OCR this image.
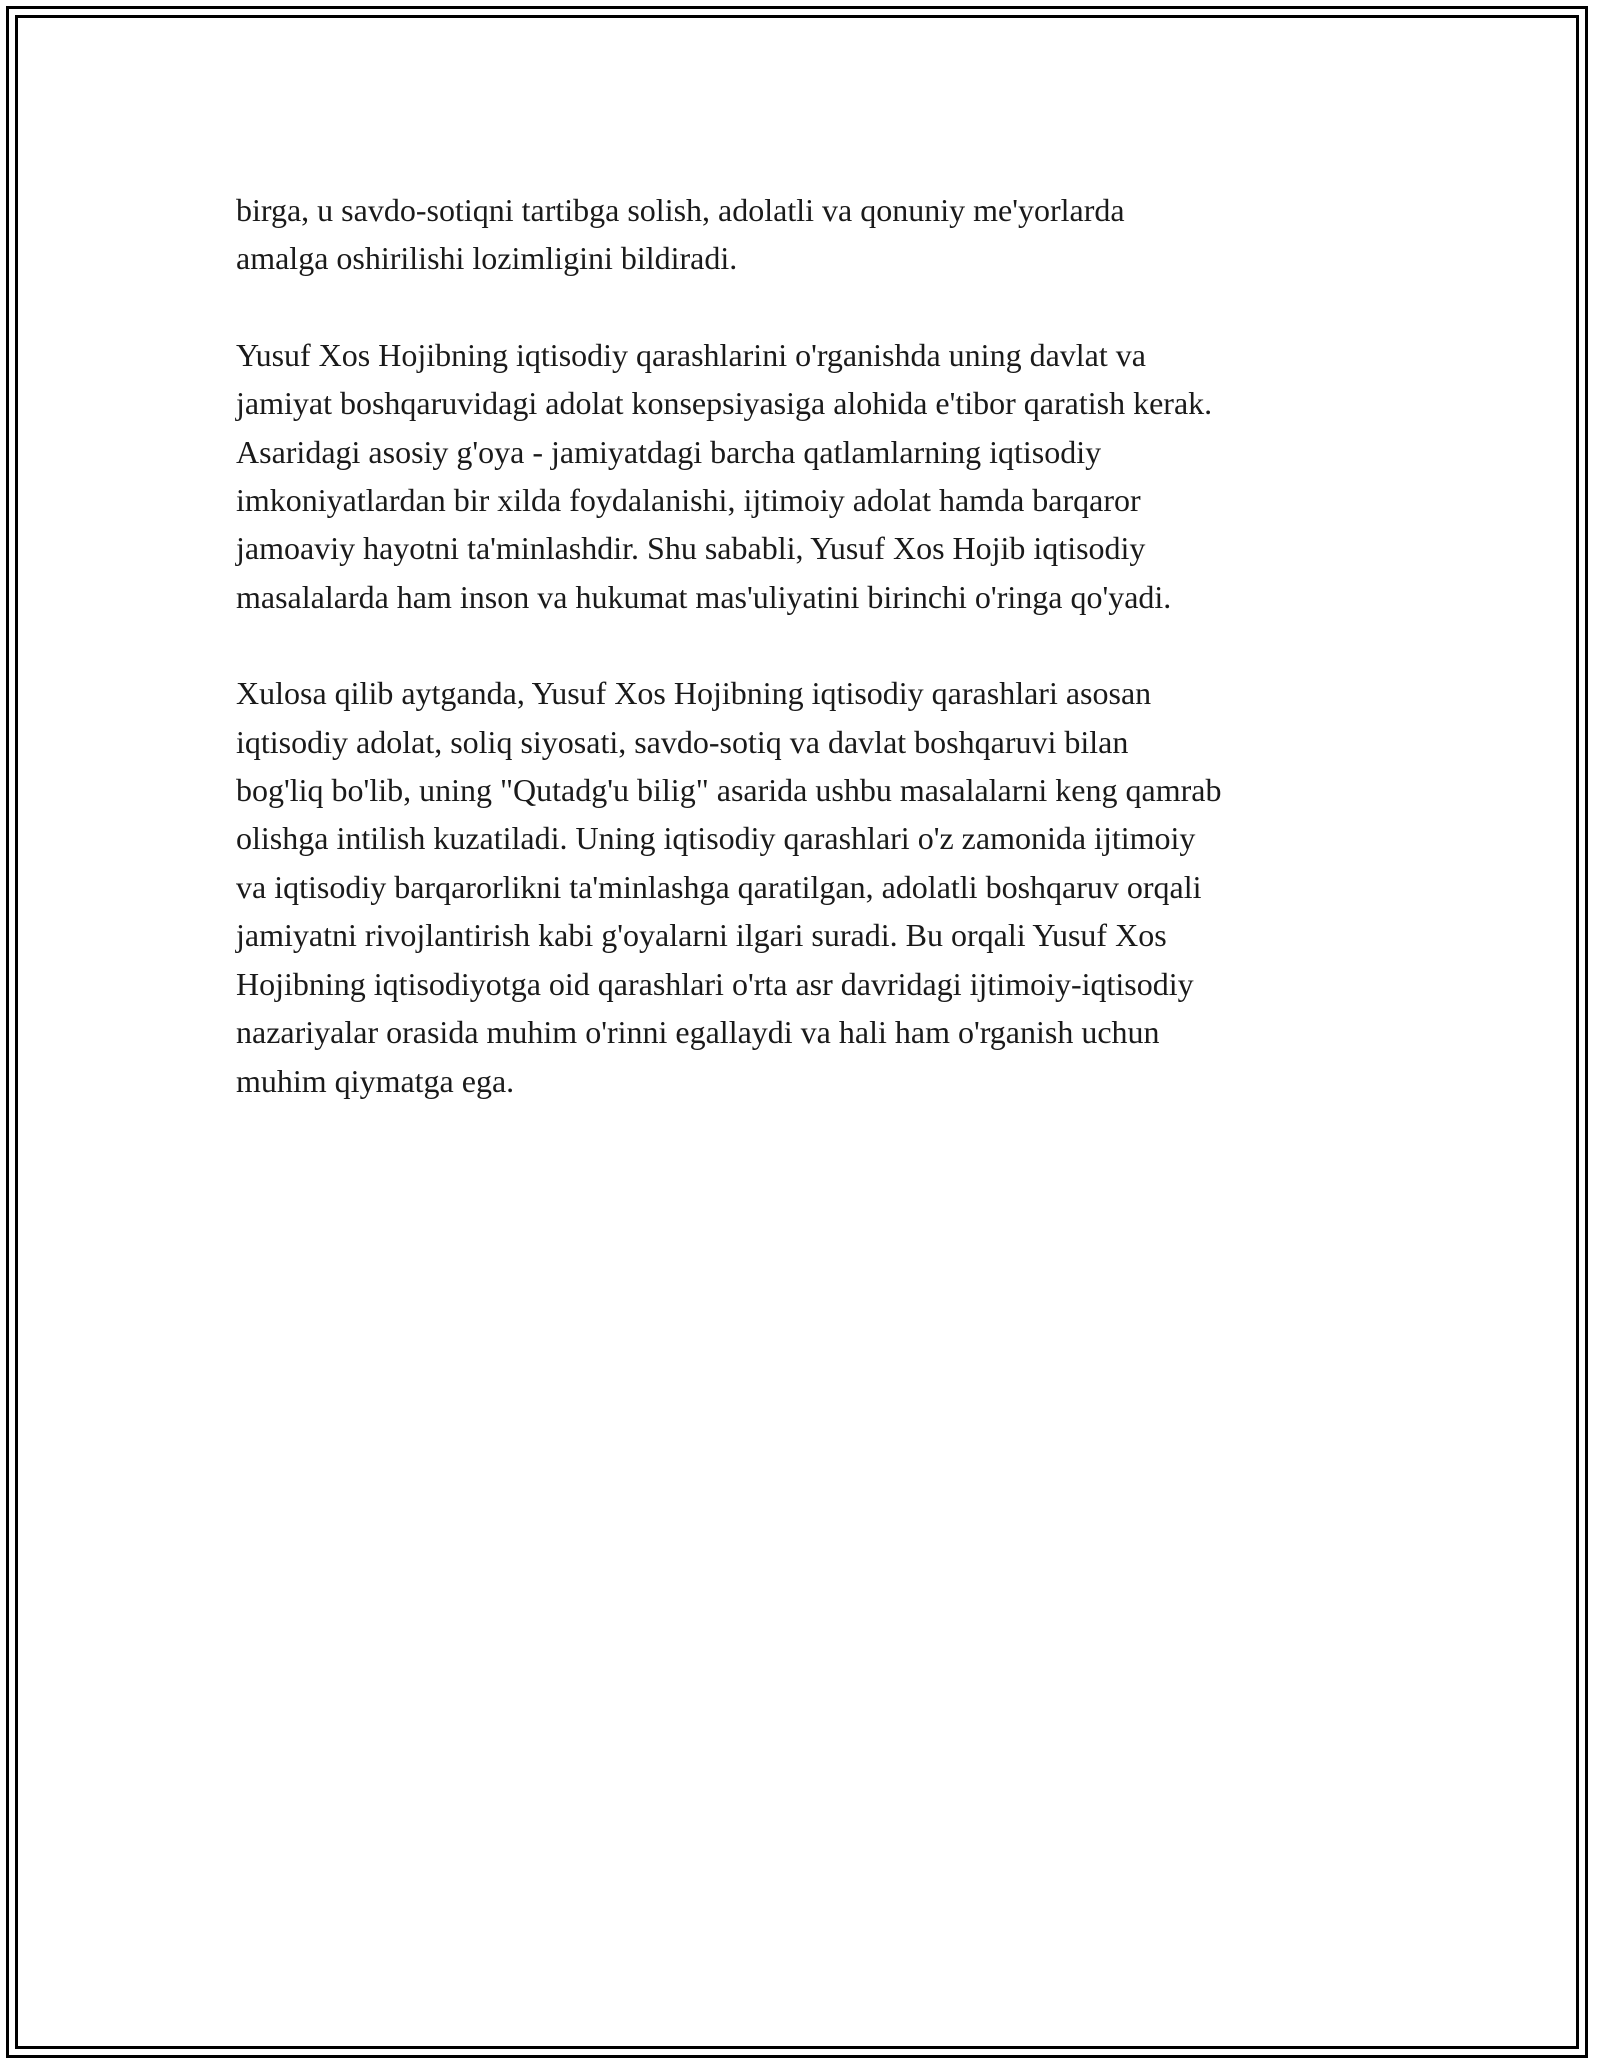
birga, u savdo-sotiqni tartibga solish, adolatli va qonuniy me'yorlarda
amalga oshirilishi lozimligini bildiradi.

Yusuf Xos Hojibning iqtisodiy qarashlarini o'rganishda uning davlat va
jamiyat boshqaruvidagi adolat konsepsiyasiga alohida e'tibor qaratish kerak.
Asaridagi asosiy g'oya - jamiyatdagi barcha qatlamlarning iqtisodiy
imkoniyatlardan bir xilda foydalanishi, ijtimoiy adolat hamda barqaror
jamoaviy hayotni ta'minlashdir. Shu sababli, Yusuf Xos Hojib iqtisodiy
masalalarda ham inson va hukumat mas'uliyatini birinchi o'ringa qo'yadi.

Xulosa qilib aytganda, Yusuf Xos Hojibning iqtisodiy qarashlari asosan
iqtisodiy adolat, soliq siyosati, savdo-sotiq va davlat boshqaruvi bilan
bog'liq bo'lib, uning "Qutadg'u bilig" asarida ushbu masalalarni keng qamrab
olishga intilish kuzatiladi. Uning iqtisodiy qarashlari o'z zamonida ijtimoiy
va iqtisodiy barqarorlikni ta'minlashga qaratilgan, adolatli boshqaruv orqali
jamiyatni rivojlantirish kabi g'oyalarni ilgari suradi. Bu orqali Yusuf Xos
Hojibning iqtisodiyotga oid qarashlari o'rta asr davridagi ijtimoiy-iqtisodiy
nazariyalar orasida muhim o'rinni egallaydi va hali ham o'rganish uchun
muhim qiymatga ega.
